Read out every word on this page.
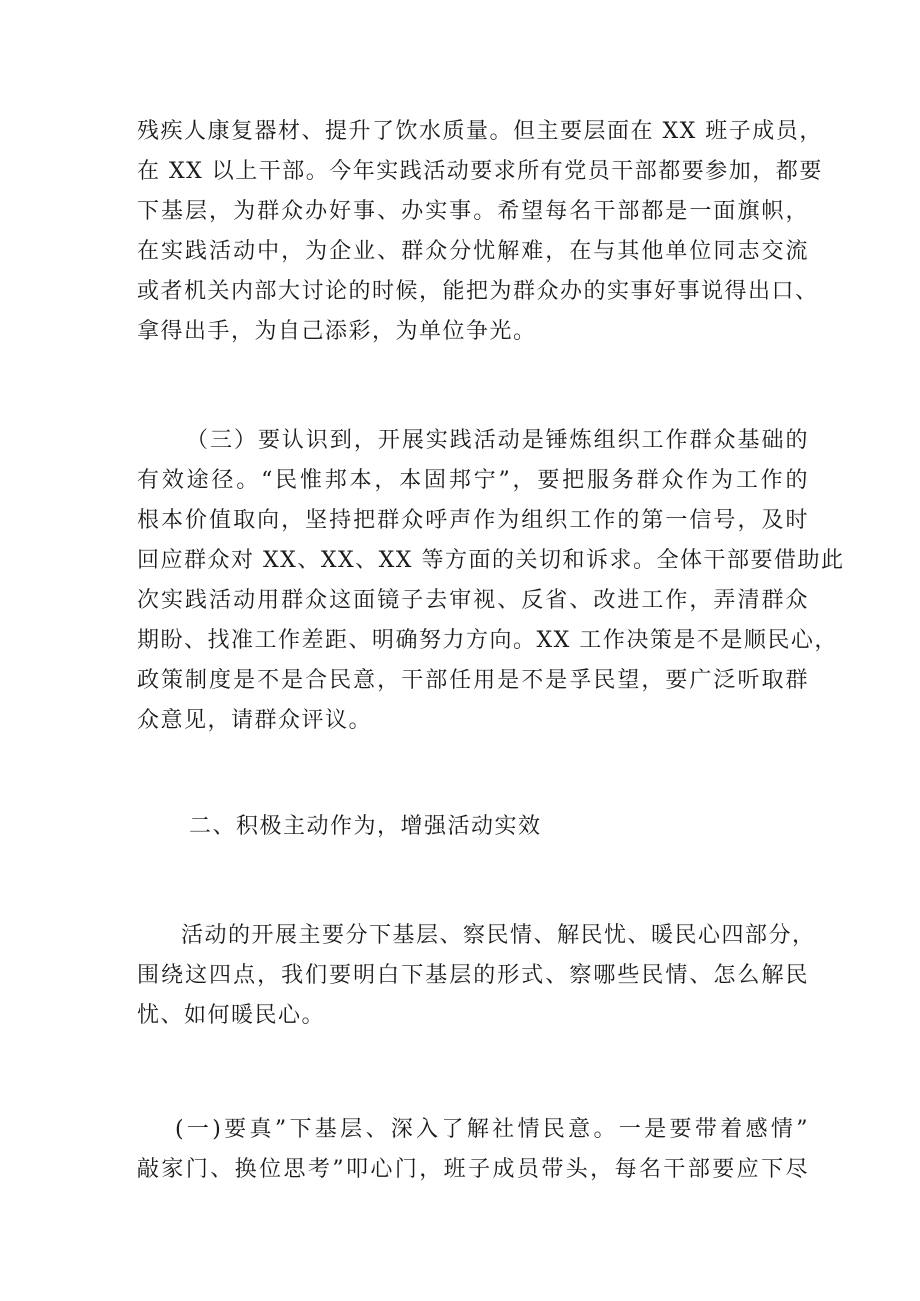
残疾人康复器材、提升了饮水质量。但主要层面在 XX 班子成员，
在 XX 以上干部。今年实践活动要求所有党员干部都要参加，都要
下基层，为群众办好事、办实事。希望每名干部都是一面旗帜，
在实践活动中，为企业、群众分忧解难，在与其他单位同志交流
或者机关内部大讨论的时候，能把为群众办的实事好事说得出口、
拿得出手，为自己添彩，为单位争光。
（三）要认识到，开展实践活动是锤炼组织工作群众基础的
有效途径。“民惟邦本，本固邦宁”，要把服务群众作为工作的
根本价值取向，坚持把群众呼声作为组织工作的第一信号，及时
回应群众对 XX、XX、XX 等方面的关切和诉求。全体干部要借助此
次实践活动用群众这面镜子去审视、反省、改进工作，弄清群众
期盼、找准工作差距、明确努力方向。XX 工作决策是不是顺民心，
政策制度是不是合民意，干部任用是不是孚民望，要广泛听取群
众意见，请群众评议。
二、积极主动作为，增强活动实效
活动的开展主要分下基层、察民情、解民忧、暖民心四部分，
围绕这四点，我们要明白下基层的形式、察哪些民情、怎么解民
忧、如何暖民心。
(一)要真”下基层、深入了解社情民意。一是要带着感情”
敲家门、换位思考”叩心门，班子成员带头，每名干部要应下尽
